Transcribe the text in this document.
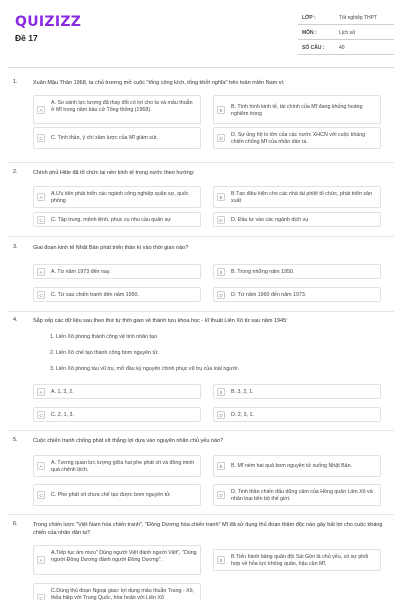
QUIZIZZ
Đề 17
LỚP :	Tốt nghiệp THPT
MÔN :	Lịch sử
SỐ CÂU :	40
1.	Xuân Mậu Thân 1968, ta chủ trương mở cuộc "tổng công kích, tổng khởi nghĩa" trên toàn miền Nam vì:
A
A. So sánh lực lượng đã thay đổi có lợi cho ta vả mâu thuẫn ở Mĩ trong năm bầu cử Tổng thống (1968).	B	B. Tình hình kinh tế, tài chính của Mĩ đang khủng hoảng nghiêm trọng
C	C. Tinh thần, ý chí xâm lược của Mĩ giảm sút.	D
D. Sự ủng hộ to lớn của các nước XHCN với cuộc kháng chiến chống Mĩ của nhân dân ta.
2.	Chính phủ Hitle đã tổ chức lại nền kinh tế trong nước theo hướng:
A
A.Ưu tiên phát triển các ngành công nghiệp quân sự, quốc phòng	B
B.Tạo điều kiện cho các nhà tài phiệt tổ chức, phát triển sản xuất
C	C. Tập trung, mệnh lệnh, phục vụ nhu cầu quân sự	D	D. Đầu tư vào các ngành dịch vụ
3.	Giai đoạn kinh tế Nhật Bản phát triển thần kì vào thời gian nào?
A	A. Từ năm 1973 đến nay.	B	B. Trong những năm 1950.
C	C. Từ sau chiến tranh đến năm 1950.	D	D. Từ năm 1960 đến năm 1973.
4.	Sắp xếp các dữ liệu sau theo thứ tự thời gian về thành tựu khoa học - kĩ thuật Liên Xô từ sau năm 1945:
1. Liên Xô phóng thành công vệ tinh nhân tạo
2. Liên Xô chế tạo thành công bom nguyên tử.
3. Liên Xô phóng tàu vũ trụ, mở đầu kỷ nguyên chinh phục vũ trụ của loài người.
A	A. 1, 3, 2.	B	B. 3, 2, 1.
C	C. 2, 1, 3.	D	D. 2, 3, 1.
5.	Cuộc chiến tranh chống phát xít thắng lợi dựa vào nguyên nhân chủ yếu nào?
A
A. Tương quan lực lượng giữa hai phe phát xít và đồng minh quá chênh lệch.	B	B. Mĩ ném hai quả bom nguyên tử xuống Nhật Bản.
C	C. Phe phát xít chưa chế tạo được bom nguyên tử.	D
D. Tinh thần chiến đấu dũng cảm của Hồng quân Liên Xô và nhân loại tiến bộ thế giới.
6.	Trong chiến lược "Việt Nam hóa chiến tranh", "Đông Dương hóa chiến tranh" Mĩ đã sử dụng thủ đoạn thâm độc nào gây bất lợi cho cuộc kháng chiến của nhân dân ta?
A
A.Tiếp tục âm mưu" Dùng người Việt đánh người Việt", "Dùng người Đông Dương đánh người Đông Dương".	B
B.Tiến hành bảng quân đội Sài Gòn là chủ yếu, có sự phối hợp về hỏa lực không quân, hậu cần Mĩ.
C
C.Dùng thủ đoạn Ngoại giao: lợi dụng mâu thuẫn Trung - Xô, thỏa hiệp với Trung Quốc, hòa hoãn với Liên Xô
